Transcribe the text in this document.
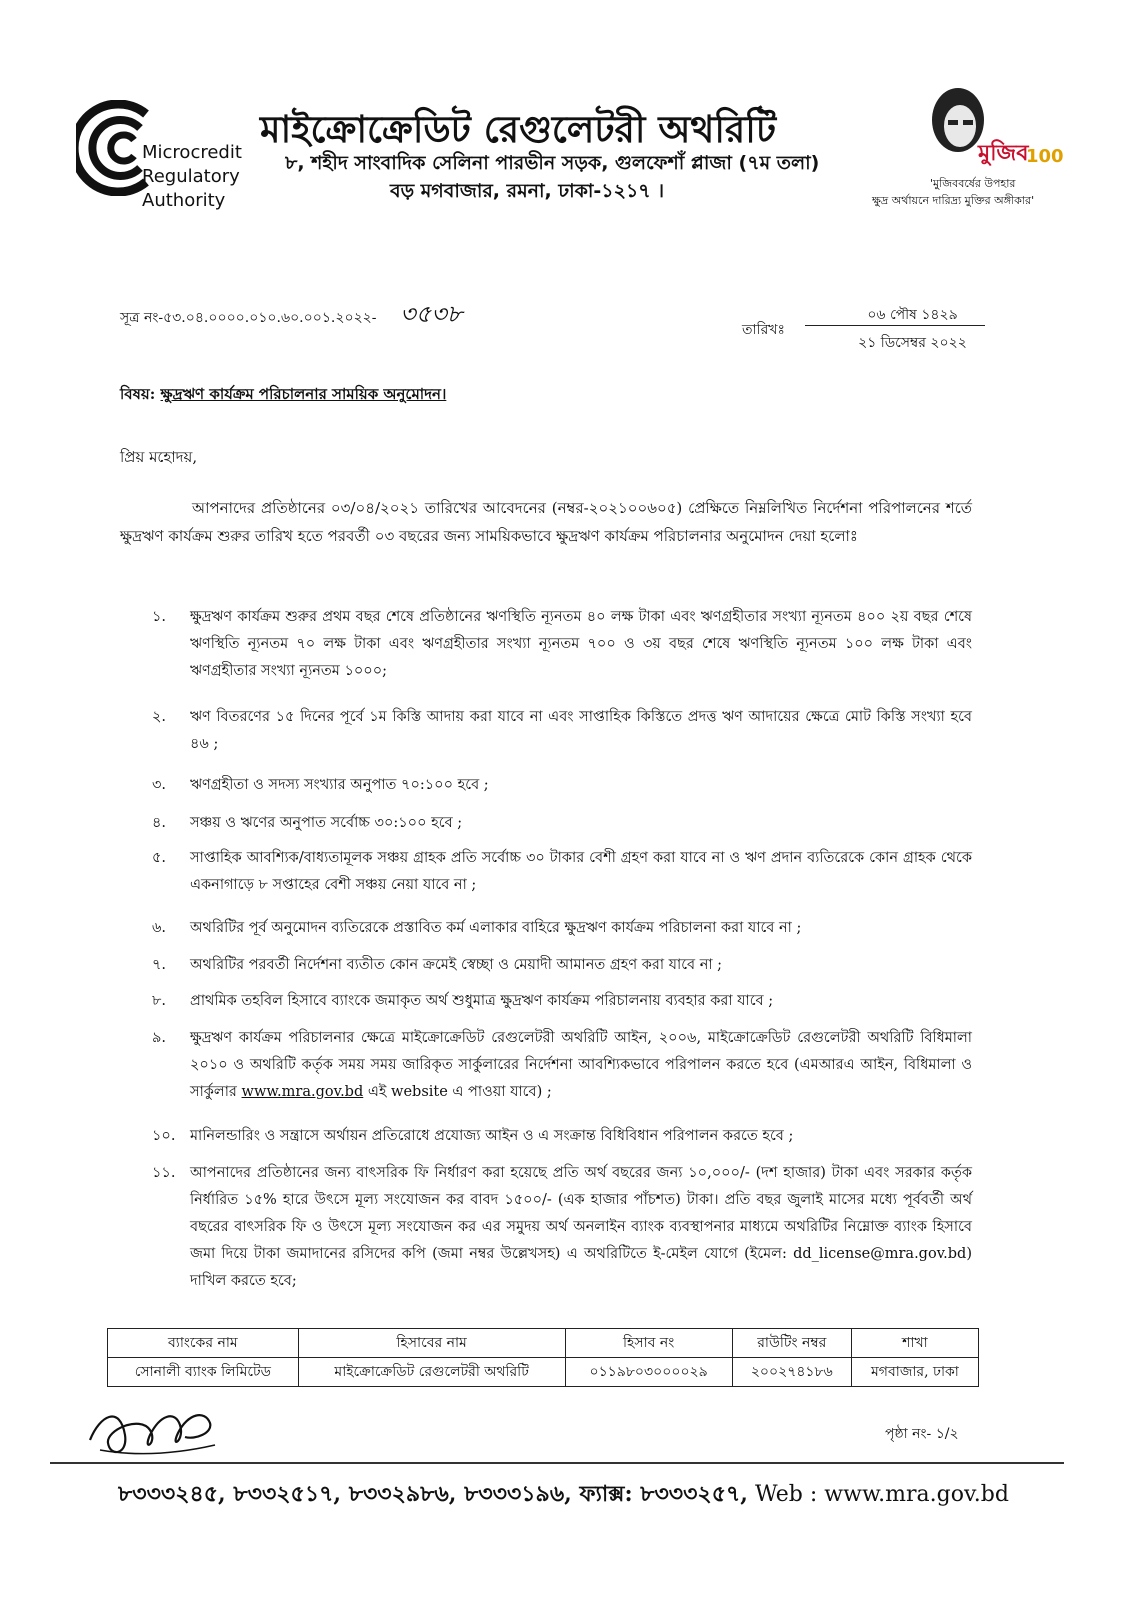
Microcredit
Regulatory
Authority
মাইক্রোক্রেডিট রেগুলেটরী অথরিটি
৮, শহীদ সাংবাদিক সেলিনা পারভীন সড়ক, গুলফেশাঁ প্লাজা (৭ম তলা)
বড় মগবাজার, রমনা, ঢাকা-১২১৭ ।
মুজিব
100
'মুজিববর্ষের উপহার
ক্ষুদ্র অর্থায়নে দারিদ্র্য মুক্তির অঙ্গীকার'
সূত্র নং-৫৩.০৪.০০০০.০১০.৬০.০০১.২০২২- ৩৫৩৮
তারিখঃ
০৬ পৌষ ১৪২৯
২১ ডিসেম্বর ২০২২
বিষয়: ক্ষুদ্রঋণ কার্যক্রম পরিচালনার সাময়িক অনুমোদন।
প্রিয় মহোদয়,
আপনাদের প্রতিষ্ঠানের ০৩/০৪/২০২১ তারিখের আবেদনের (নম্বর-২০২১০০৬০৫) প্রেক্ষিতে নিম্নলিখিত নির্দেশনা পরিপালনের শর্তে ক্ষুদ্রঋণ কার্যক্রম শুরুর তারিখ হতে পরবর্তী ০৩ বছরের জন্য সাময়িকভাবে ক্ষুদ্রঋণ কার্যক্রম পরিচালনার অনুমোদন দেয়া হলোঃ
১.	ক্ষুদ্রঋণ কার্যক্রম শুরুর প্রথম বছর শেষে প্রতিষ্ঠানের ঋণস্থিতি ন্যূনতম ৪০ লক্ষ টাকা এবং ঋণগ্রহীতার সংখ্যা ন্যূনতম ৪০০ ২য় বছর শেষে ঋণস্থিতি ন্যূনতম ৭০ লক্ষ টাকা এবং ঋণগ্রহীতার সংখ্যা ন্যূনতম ৭০০ ও ৩য় বছর শেষে ঋণস্থিতি ন্যূনতম ১০০ লক্ষ টাকা এবং ঋণগ্রহীতার সংখ্যা ন্যূনতম ১০০০;
২.	ঋণ বিতরণের ১৫ দিনের পূর্বে ১ম কিস্তি আদায় করা যাবে না এবং সাপ্তাহিক কিস্তিতে প্রদত্ত ঋণ আদায়ের ক্ষেত্রে মোট কিস্তি সংখ্যা হবে ৪৬ ;
৩.	ঋণগ্রহীতা ও সদস্য সংখ্যার অনুপাত ৭০:১০০ হবে ;
৪.	সঞ্চয় ও ঋণের অনুপাত সর্বোচ্চ ৩০:১০০ হবে ;
৫.	সাপ্তাহিক আবশ্যিক/বাধ্যতামূলক সঞ্চয় গ্রাহক প্রতি সর্বোচ্চ ৩০ টাকার বেশী গ্রহণ করা যাবে না ও ঋণ প্রদান ব্যতিরেকে কোন গ্রাহক থেকে একনাগাড়ে ৮ সপ্তাহের বেশী সঞ্চয় নেয়া যাবে না ;
৬.	অথরিটির পূর্ব অনুমোদন ব্যতিরেকে প্রস্তাবিত কর্ম এলাকার বাহিরে ক্ষুদ্রঋণ কার্যক্রম পরিচালনা করা যাবে না ;
৭.	অথরিটির পরবর্তী নির্দেশনা ব্যতীত কোন ক্রমেই স্বেচ্ছা ও মেয়াদী আমানত গ্রহণ করা যাবে না ;
৮.	প্রাথমিক তহবিল হিসাবে ব্যাংকে জমাকৃত অর্থ শুধুমাত্র ক্ষুদ্রঋণ কার্যক্রম পরিচালনায় ব্যবহার করা যাবে ;
৯.	ক্ষুদ্রঋণ কার্যক্রম পরিচালনার ক্ষেত্রে মাইক্রোক্রেডিট রেগুলেটরী অথরিটি আইন, ২০০৬, মাইক্রোক্রেডিট রেগুলেটরী অথরিটি বিধিমালা ২০১০ ও অথরিটি কর্তৃক সময় সময় জারিকৃত সার্কুলারের নির্দেশনা আবশ্যিকভাবে পরিপালন করতে হবে (এমআরএ আইন, বিধিমালা ও সার্কুলার www.mra.gov.bd এই website এ পাওয়া যাবে) ;
১০.	মানিলন্ডারিং ও সন্ত্রাসে অর্থায়ন প্রতিরোধে প্রযোজ্য আইন ও এ সংক্রান্ত বিধিবিধান পরিপালন করতে হবে ;
১১.	আপনাদের প্রতিষ্ঠানের জন্য বাৎসরিক ফি নির্ধারণ করা হয়েছে প্রতি অর্থ বছরের জন্য ১০,০০০/- (দশ হাজার) টাকা এবং সরকার কর্তৃক নির্ধারিত ১৫% হারে উৎসে মূল্য সংযোজন কর বাবদ ১৫০০/- (এক হাজার পাঁচশত) টাকা। প্রতি বছর জুলাই মাসের মধ্যে পূর্ববর্তী অর্থ বছরের বাৎসরিক ফি ও উৎসে মূল্য সংযোজন কর এর সমুদয় অর্থ অনলাইন ব্যাংক ব্যবস্থাপনার মাধ্যমে অথরিটির নিম্নোক্ত ব্যাংক হিসাবে জমা দিয়ে টাকা জমাদানের রসিদের কপি (জমা নম্বর উল্লেখসহ) এ অথরিটিতে ই-মেইল যোগে (ইমেল: dd_license@mra.gov.bd) দাখিল করতে হবে;
ব্যাংকের নাম	হিসাবের নাম	হিসাব নং	রাউটিং নম্বর	শাখা
সোনালী ব্যাংক লিমিটেড	মাইক্রোক্রেডিট রেগুলেটরী অথরিটি	০১১৯৮০৩০০০০২৯	২০০২৭৪১৮৬	মগবাজার, ঢাকা
পৃষ্ঠা নং- ১/২
৮৩৩৩২৪৫, ৮৩৩২৫১৭, ৮৩৩২৯৮৬, ৮৩৩৩১৯৬, ফ্যাক্স: ৮৩৩৩২৫৭, Web : www.mra.gov.bd
